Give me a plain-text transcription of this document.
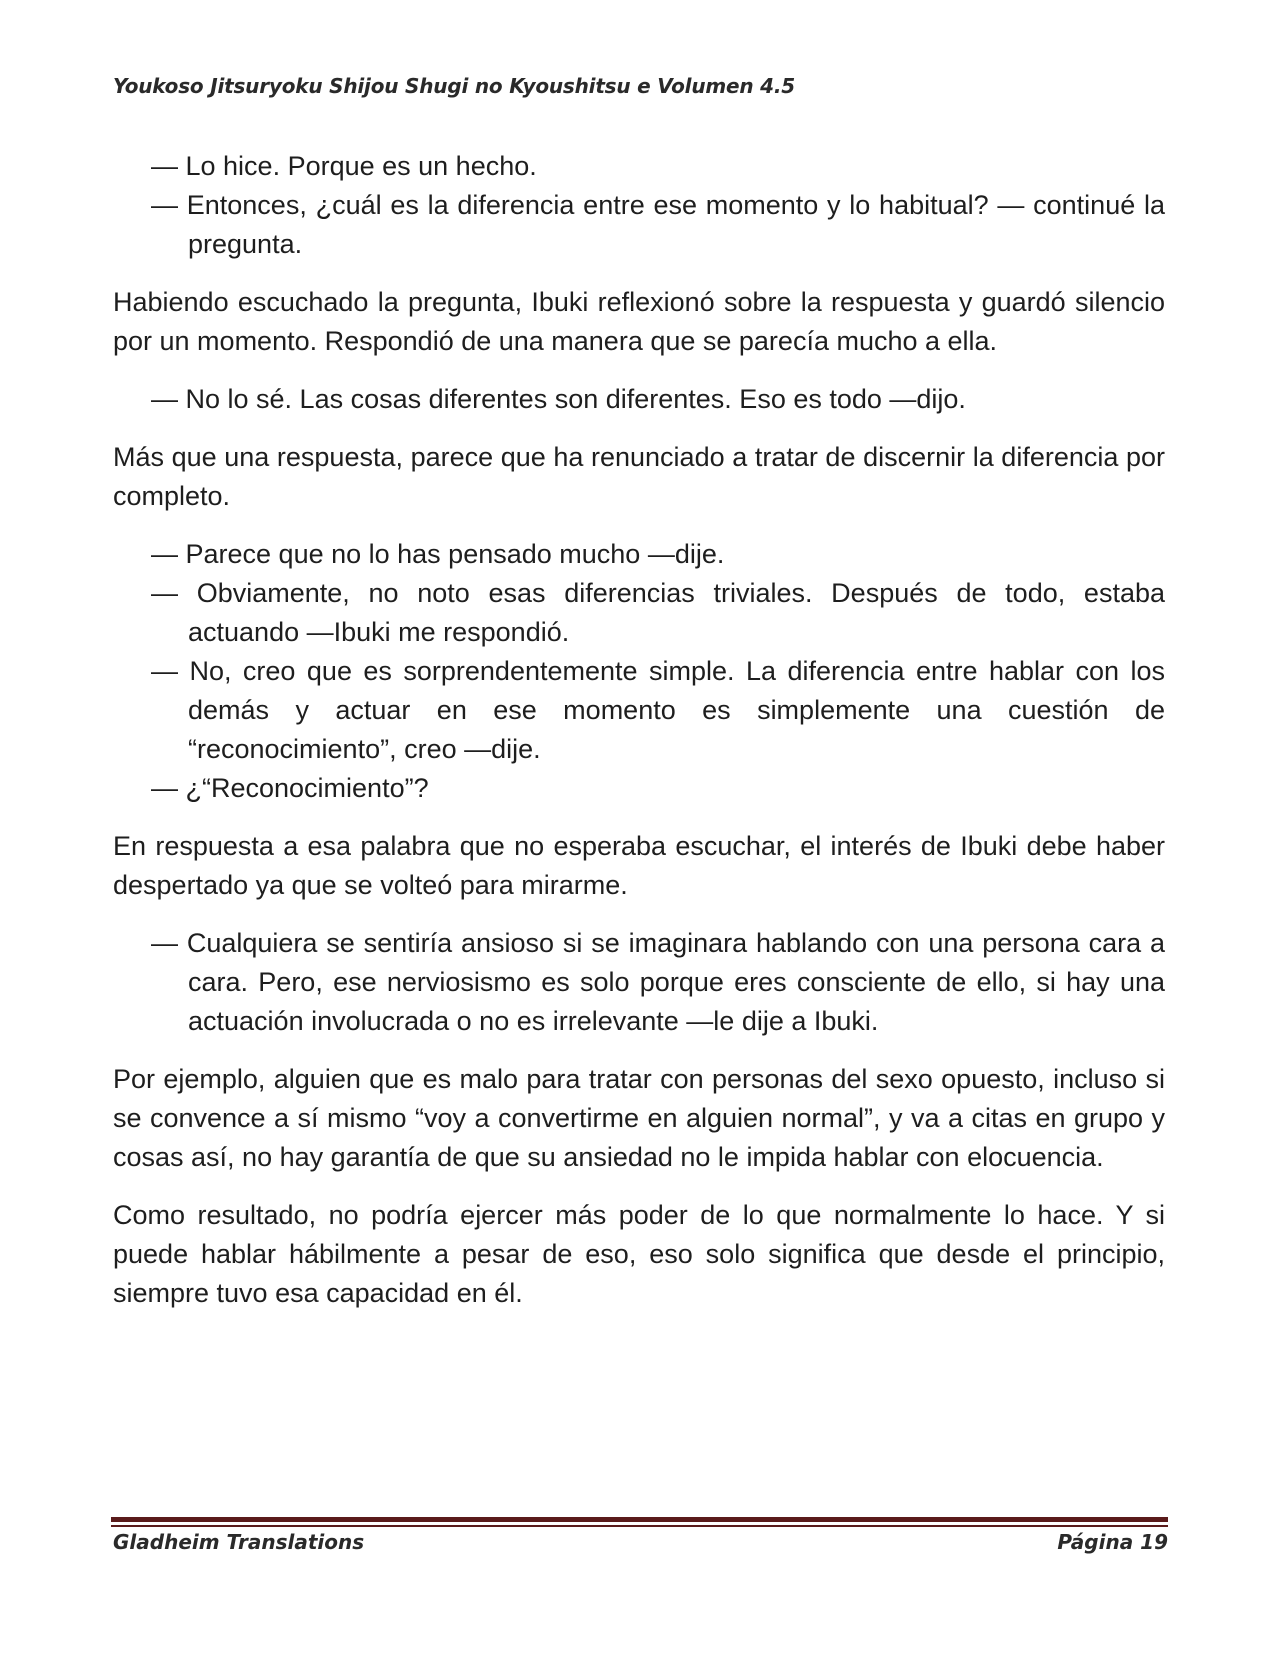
Youkoso Jitsuryoku Shijou Shugi no Kyoushitsu e Volumen 4.5

— Lo hice. Porque es un hecho.

— Entonces, ¿cuál es la diferencia entre ese momento y lo habitual? — continué la pregunta.

Habiendo escuchado la pregunta, Ibuki reflexionó sobre la respuesta y guardó silencio por un momento. Respondió de una manera que se parecía mucho a ella.

— No lo sé. Las cosas diferentes son diferentes. Eso es todo —dijo.

Más que una respuesta, parece que ha renunciado a tratar de discernir la diferencia por completo.

— Parece que no lo has pensado mucho —dije.

— Obviamente, no noto esas diferencias triviales. Después de todo, estaba actuando —Ibuki me respondió.

— No, creo que es sorprendentemente simple. La diferencia entre hablar con los demás y actuar en ese momento es simplemente una cuestión de “reconocimiento”, creo —dije.

— ¿“Reconocimiento”?

En respuesta a esa palabra que no esperaba escuchar, el interés de Ibuki debe haber despertado ya que se volteó para mirarme.

— Cualquiera se sentiría ansioso si se imaginara hablando con una persona cara a cara. Pero, ese nerviosismo es solo porque eres consciente de ello, si hay una actuación involucrada o no es irrelevante —le dije a Ibuki.

Por ejemplo, alguien que es malo para tratar con personas del sexo opuesto, incluso si se convence a sí mismo “voy a convertirme en alguien normal”, y va a citas en grupo y cosas así, no hay garantía de que su ansiedad no le impida hablar con elocuencia.

Como resultado, no podría ejercer más poder de lo que normalmente lo hace. Y si puede hablar hábilmente a pesar de eso, eso solo significa que desde el principio, siempre tuvo esa capacidad en él.

Gladheim Translations	Página 19
